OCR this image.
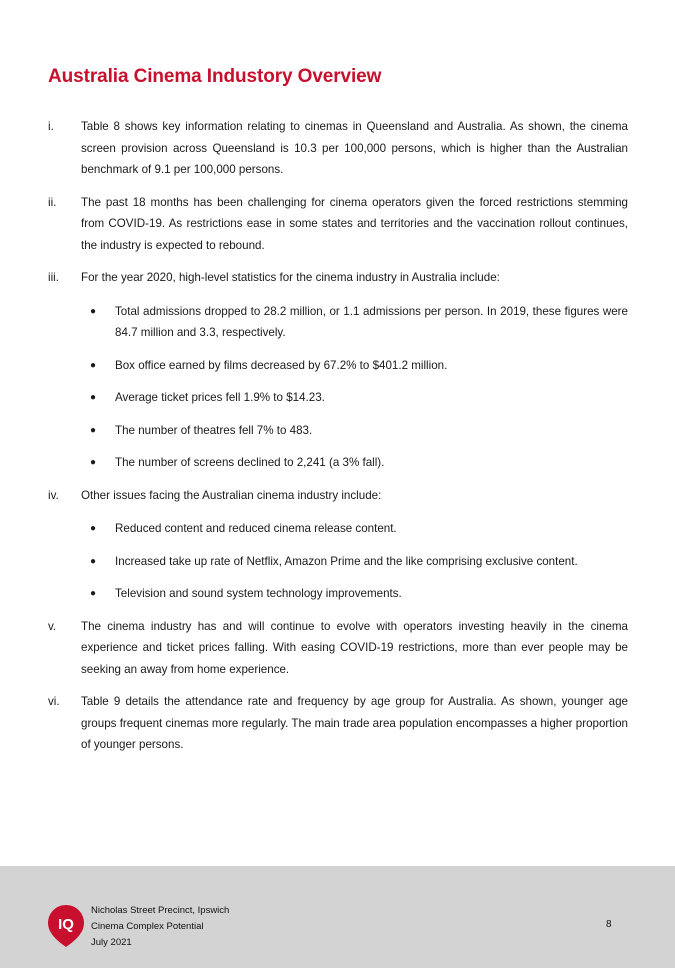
Australia Cinema Industory Overview
i. Table 8 shows key information relating to cinemas in Queensland and Australia. As shown, the cinema screen provision across Queensland is 10.3 per 100,000 persons, which is higher than the Australian benchmark of 9.1 per 100,000 persons.

ii. The past 18 months has been challenging for cinema operators given the forced restrictions stemming from COVID-19. As restrictions ease in some states and territories and the vaccination rollout continues, the industry is expected to rebound.

iii. For the year 2020, high-level statistics for the cinema industry in Australia include:

● Total admissions dropped to 28.2 million, or 1.1 admissions per person. In 2019, these figures were 84.7 million and 3.3, respectively.
● Box office earned by films decreased by 67.2% to $401.2 million.
● Average ticket prices fell 1.9% to $14.23.
● The number of theatres fell 7% to 483.
● The number of screens declined to 2,241 (a 3% fall).
iv. Other issues facing the Australian cinema industry include:

● Reduced content and reduced cinema release content.
● Increased take up rate of Netflix, Amazon Prime and the like comprising exclusive content.
● Television and sound system technology improvements.
v. The cinema industry has and will continue to evolve with operators investing heavily in the cinema experience and ticket prices falling. With easing COVID-19 restrictions, more than ever people may be seeking an away from home experience.

vi. Table 9 details the attendance rate and frequency by age group for Australia. As shown, younger age groups frequent cinemas more regularly. The main trade area population encompasses a higher proportion of younger persons.

IQ
Nicholas Street Precinct, Ipswich
Cinema Complex Potential
July 2021
8
